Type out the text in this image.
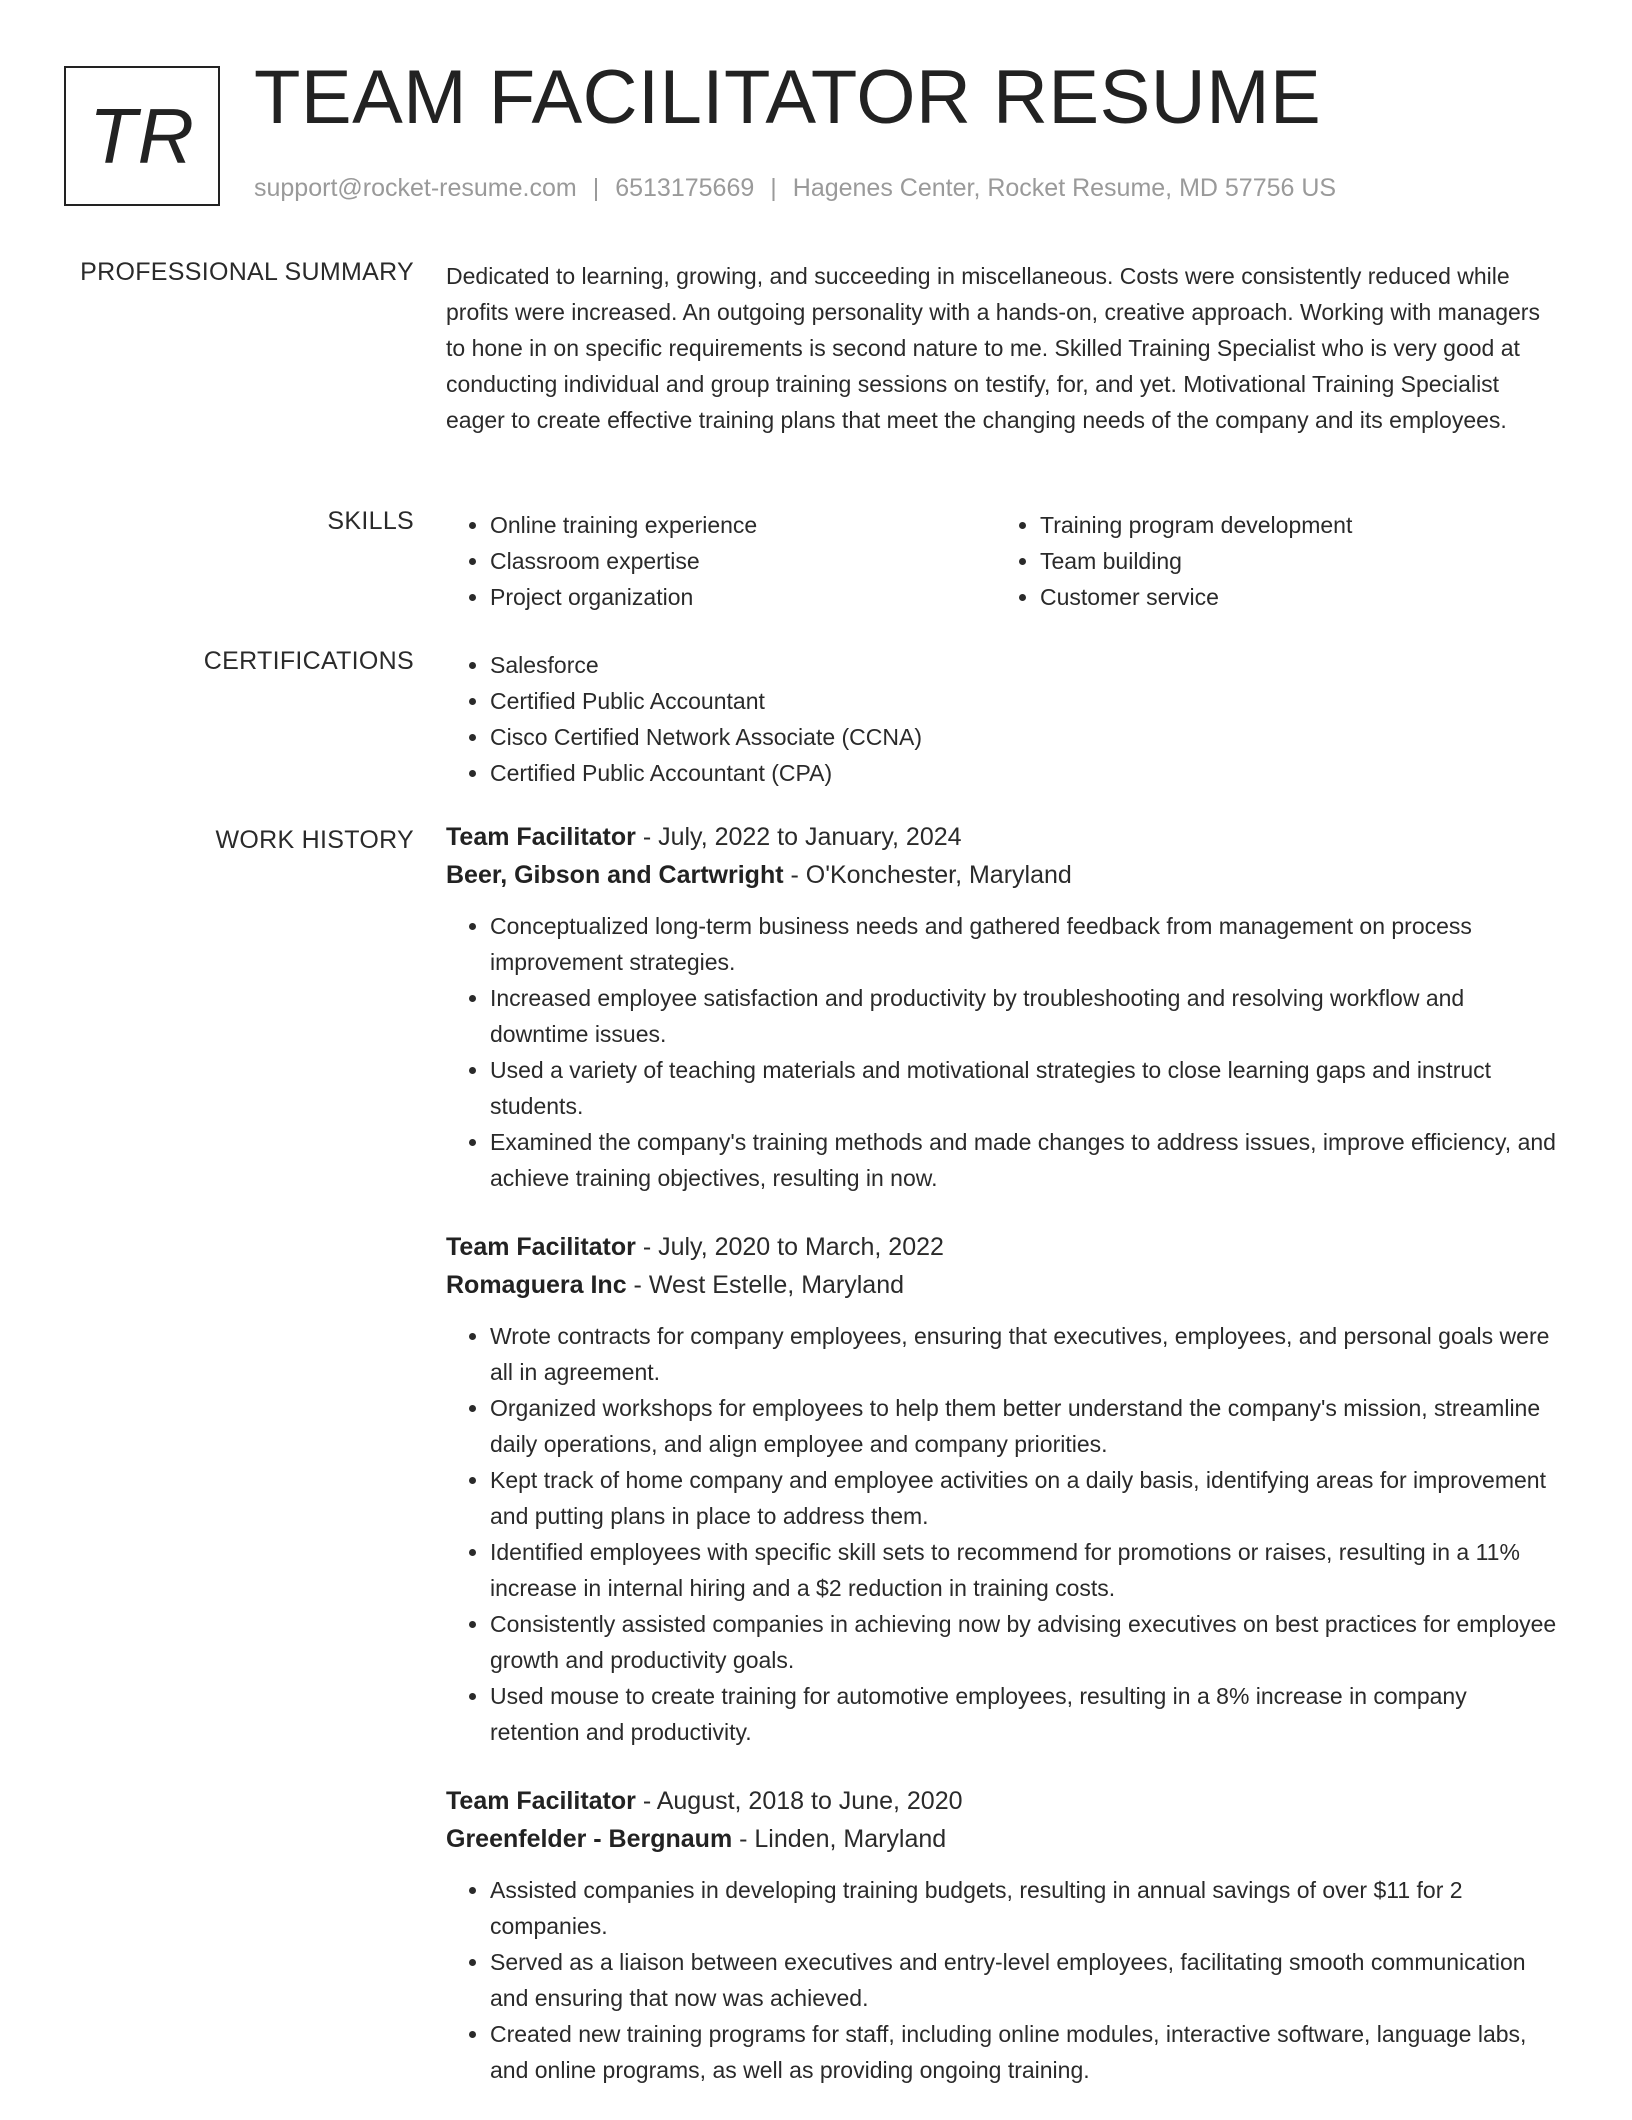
TR TEAM FACILITATOR RESUME
support@rocket-resume.com | 6513175669 | Hagenes Center, Rocket Resume, MD 57756 US
PROFESSIONAL SUMMARY Dedicated to learning, growing, and succeeding in miscellaneous. Costs were consistently reduced while profits were increased. An outgoing personality with a hands-on, creative approach. Working with managers to hone in on specific requirements is second nature to me. Skilled Training Specialist who is very good at conducting individual and group training sessions on testify, for, and yet. Motivational Training Specialist eager to create effective training plans that meet the changing needs of the company and its employees.

SKILLS	• Online training experience
• Classroom expertise
• Project organization
• Training program development
• Team building
• Customer service
CERTIFICATIONS	• Salesforce
• Certified Public Accountant
• Cisco Certified Network Associate (CCNA)
• Certified Public Accountant (CPA)
WORK HISTORY Team Facilitator - July, 2022 to January, 2024

Beer, Gibson and Cartwright - O'Konchester, Maryland

• Conceptualized long-term business needs and gathered feedback from management on process improvement strategies.
• Increased employee satisfaction and productivity by troubleshooting and resolving workflow and downtime issues.
• Used a variety of teaching materials and motivational strategies to close learning gaps and instruct students.
• Examined the company's training methods and made changes to address issues, improve efficiency, and achieve training objectives, resulting in now.

Team Facilitator - July, 2020 to March, 2022

Romaguera Inc - West Estelle, Maryland

• Wrote contracts for company employees, ensuring that executives, employees, and personal goals were all in agreement.
• Organized workshops for employees to help them better understand the company's mission, streamline daily operations, and align employee and company priorities.
• Kept track of home company and employee activities on a daily basis, identifying areas for improvement and putting plans in place to address them.
• Identified employees with specific skill sets to recommend for promotions or raises, resulting in a 11% increase in internal hiring and a $2 reduction in training costs.
• Consistently assisted companies in achieving now by advising executives on best practices for employee growth and productivity goals.
• Used mouse to create training for automotive employees, resulting in a 8% increase in company retention and productivity.

Team Facilitator - August, 2018 to June, 2020

Greenfelder - Bergnaum - Linden, Maryland

• Assisted companies in developing training budgets, resulting in annual savings of over $11 for 2 companies.
• Served as a liaison between executives and entry-level employees, facilitating smooth communication and ensuring that now was achieved.
• Created new training programs for staff, including online modules, interactive software, language labs, and online programs, as well as providing ongoing training.
